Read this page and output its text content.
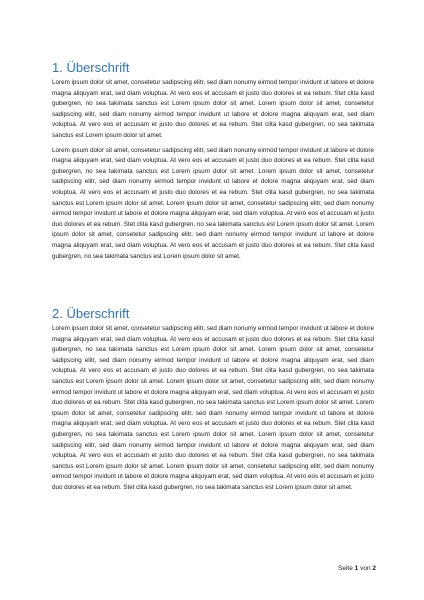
1. Überschrift

Lorem ipsum dolor sit amet, consetetur sadipscing elitr, sed diam nonumy eirmod tempor invidunt ut labore et dolore magna aliquyam erat, sed diam voluptua. At vero eos et accusam et justo duo dolores et ea rebum. Stet clita kasd gubergren, no sea takimata sanctus est Lorem ipsum dolor sit amet. Lorem ipsum dolor sit amet, consetetur sadipscing elitr, sed diam nonumy eirmod tempor invidunt ut labore et dolore magna aliquyam erat, sed diam voluptua. At vero eos et accusam et justo duo dolores et ea rebum. Stet clita kasd gubergren, no sea takimata sanctus est Lorem ipsum dolor sit amet.

Lorem ipsum dolor sit amet, consetetur sadipscing elitr, sed diam nonumy eirmod tempor invidunt ut labore et dolore magna aliquyam erat, sed diam voluptua. At vero eos et accusam et justo duo dolores et ea rebum. Stet clita kasd gubergren, no sea takimata sanctus est Lorem ipsum dolor sit amet. Lorem ipsum dolor sit amet, consetetur sadipscing elitr, sed diam nonumy eirmod tempor invidunt ut labore et dolore magna aliquyam erat, sed diam voluptua. At vero eos et accusam et justo duo dolores et ea rebum. Stet clita kasd gubergren, no sea takimata sanctus est Lorem ipsum dolor sit amet. Lorem ipsum dolor sit amet, consetetur sadipscing elitr, sed diam nonumy eirmod tempor invidunt ut labore et dolore magna aliquyam erat, sed diam voluptua. At vero eos et accusam et justo duo dolores et ea rebum. Stet clita kasd gubergren, no sea takimata sanctus est Lorem ipsum dolor sit amet. Lorem ipsum dolor sit amet, consetetur sadipscing elitr, sed diam nonumy eirmod tempor invidunt ut labore et dolore magna aliquyam erat, sed diam voluptua. At vero eos et accusam et justo duo dolores et ea rebum. Stet clita kasd gubergren, no sea takimata sanctus est Lorem ipsum dolor sit amet.

2. Überschrift

Lorem ipsum dolor sit amet, consetetur sadipscing elitr, sed diam nonumy eirmod tempor invidunt ut labore et dolore magna aliquyam erat, sed diam voluptua. At vero eos et accusam et justo duo dolores et ea rebum. Stet clita kasd gubergren, no sea takimata sanctus est Lorem ipsum dolor sit amet. Lorem ipsum dolor sit amet, consetetur sadipscing elitr, sed diam nonumy eirmod tempor invidunt ut labore et dolore magna aliquyam erat, sed diam voluptua. At vero eos et accusam et justo duo dolores et ea rebum. Stet clita kasd gubergren, no sea takimata sanctus est Lorem ipsum dolor sit amet. Lorem ipsum dolor sit amet, consetetur sadipscing elitr, sed diam nonumy eirmod tempor invidunt ut labore et dolore magna aliquyam erat, sed diam voluptua. At vero eos et accusam et justo duo dolores et ea rebum. Stet clita kasd gubergren, no sea takimata sanctus est Lorem ipsum dolor sit amet. Lorem ipsum dolor sit amet, consetetur sadipscing elitr, sed diam nonumy eirmod tempor invidunt ut labore et dolore magna aliquyam erat, sed diam voluptua. At vero eos et accusam et justo duo dolores et ea rebum. Stet clita kasd gubergren, no sea takimata sanctus est Lorem ipsum dolor sit amet. Lorem ipsum dolor sit amet, consetetur sadipscing elitr, sed diam nonumy eirmod tempor invidunt ut labore et dolore magna aliquyam erat, sed diam voluptua. At vero eos et accusam et justo duo dolores et ea rebum. Stet clita kasd gubergren, no sea takimata sanctus est Lorem ipsum dolor sit amet. Lorem ipsum dolor sit amet, consetetur sadipscing elitr, sed diam nonumy eirmod tempor invidunt ut labore et dolore magna aliquyam erat, sed diam voluptua. At vero eos et accusam et justo duo dolores et ea rebum. Stet clita kasd gubergren, no sea takimata sanctus est Lorem ipsum dolor sit amet.

Seite 1 von 2
